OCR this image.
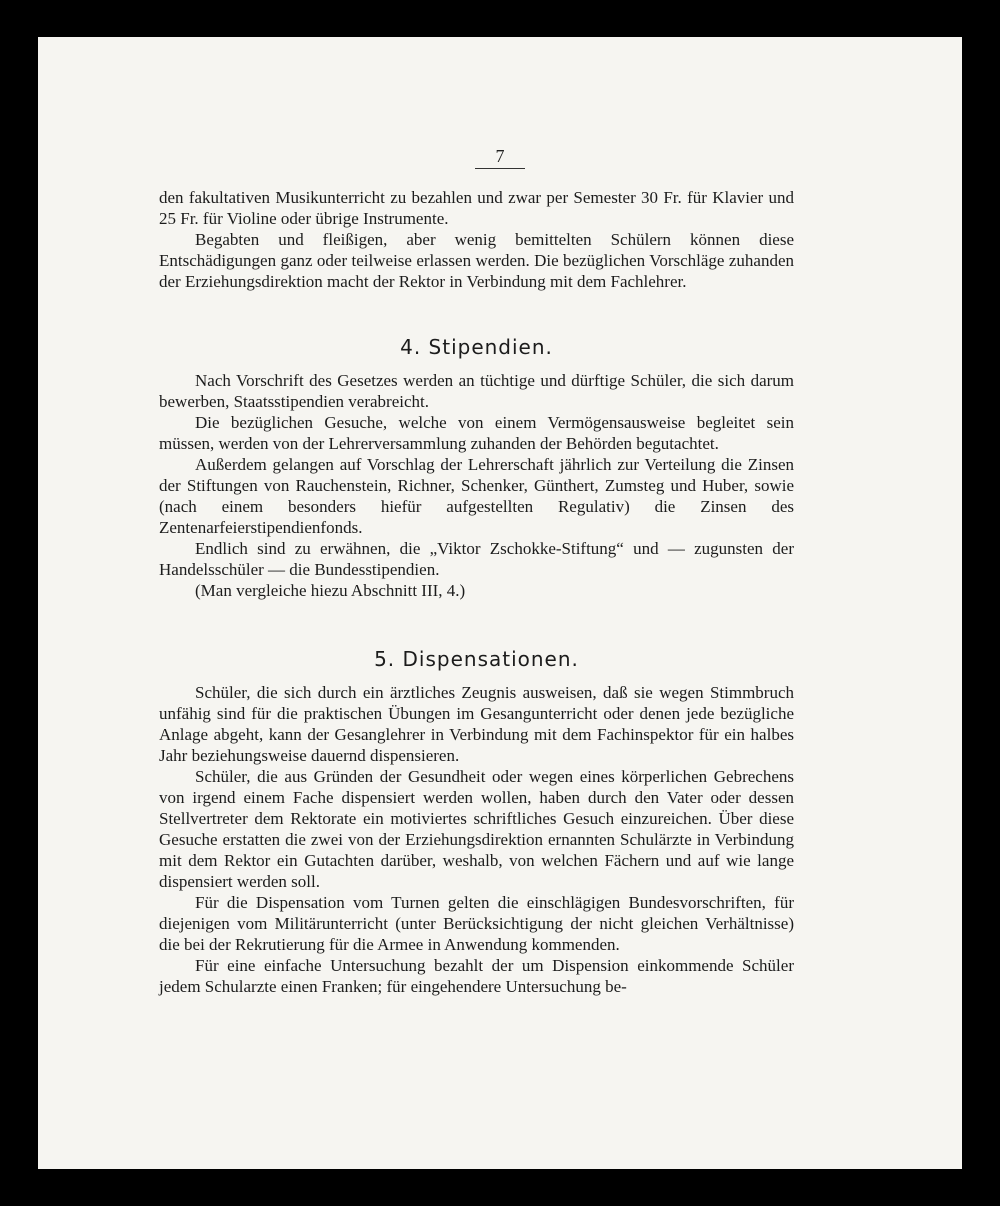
7

den fakultativen Musikunterricht zu bezahlen und zwar per Semester 30 Fr. für Klavier und 25 Fr. für Violine oder übrige Instrumente.

Begabten und fleißigen, aber wenig bemittelten Schülern können diese Entschädigungen ganz oder teilweise erlassen werden. Die bezüglichen Vorschläge zuhanden der Erziehungsdirektion macht der Rektor in Verbindung mit dem Fachlehrer.

4. Stipendien.

Nach Vorschrift des Gesetzes werden an tüchtige und dürftige Schüler, die sich darum bewerben, Staatsstipendien verabreicht.

Die bezüglichen Gesuche, welche von einem Vermögensausweise begleitet sein müssen, werden von der Lehrerversammlung zuhanden der Behörden begutachtet.

Außerdem gelangen auf Vorschlag der Lehrerschaft jährlich zur Verteilung die Zinsen der Stiftungen von Rauchenstein, Richner, Schenker, Günthert, Zumsteg und Huber, sowie (nach einem besonders hiefür aufgestellten Regulativ) die Zinsen des Zentenarfeierstipendienfonds.

Endlich sind zu erwähnen, die „Viktor Zschokke-Stiftung“ und — zugunsten der Handelsschüler — die Bundesstipendien.

(Man vergleiche hiezu Abschnitt III, 4.)

5. Dispensationen.

Schüler, die sich durch ein ärztliches Zeugnis ausweisen, daß sie wegen Stimmbruch unfähig sind für die praktischen Übungen im Gesangunterricht oder denen jede bezügliche Anlage abgeht, kann der Gesanglehrer in Verbindung mit dem Fachinspektor für ein halbes Jahr beziehungsweise dauernd dispensieren.

Schüler, die aus Gründen der Gesundheit oder wegen eines körperlichen Gebrechens von irgend einem Fache dispensiert werden wollen, haben durch den Vater oder dessen Stellvertreter dem Rektorate ein motiviertes schriftliches Gesuch einzureichen. Über diese Gesuche erstatten die zwei von der Erziehungsdirektion ernannten Schulärzte in Verbindung mit dem Rektor ein Gutachten darüber, weshalb, von welchen Fächern und auf wie lange dispensiert werden soll.

Für die Dispensation vom Turnen gelten die einschlägigen Bundesvorschriften, für diejenigen vom Militärunterricht (unter Berücksichtigung der nicht gleichen Verhältnisse) die bei der Rekrutierung für die Armee in Anwendung kommenden.

Für eine einfache Untersuchung bezahlt der um Dispension einkommende Schüler jedem Schularzte einen Franken; für eingehendere Untersuchung be-
